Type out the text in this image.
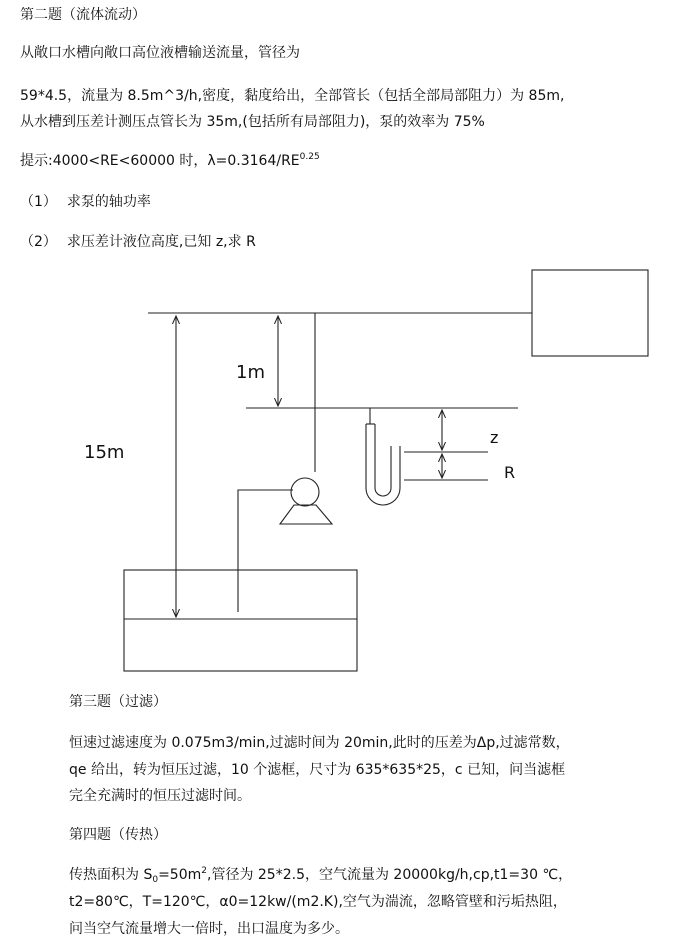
第二题（流体流动）
从敞口水槽向敞口高位液槽输送流量，管径为
59*4.5，流量为 8.5m^3/h,密度，黏度给出，全部管长（包括全部局部阻力）为 85m,
从水槽到压差计测压点管长为 35m,(包括所有局部阻力)，泵的效率为 75%
提示:4000<RE<60000 时，$\lambda=0.3164/RE^{0.25}$
（1） 求泵的轴功率
（2） 求压差计液位高度,已知 z,求 R
1m
15m
z
R
第三题（过滤）
恒速过滤速度为 0.075m3/min,过滤时间为 20min,此时的压差为Δp,过滤常数，
qe 给出，转为恒压过滤，10 个滤框，尺寸为 635*635*25，c 已知，问当滤框
完全充满时的恒压过滤时间。
第四题（传热）
传热面积为 $S_0=50m^2$,管径为 25*2.5，空气流量为 20000kg/h,cp,t1=30 ℃，
t2=80℃，T=120℃，α0=12kw/(m2.K),空气为湍流，忽略管壁和污垢热阻，
问当空气流量增大一倍时，出口温度为多少。
